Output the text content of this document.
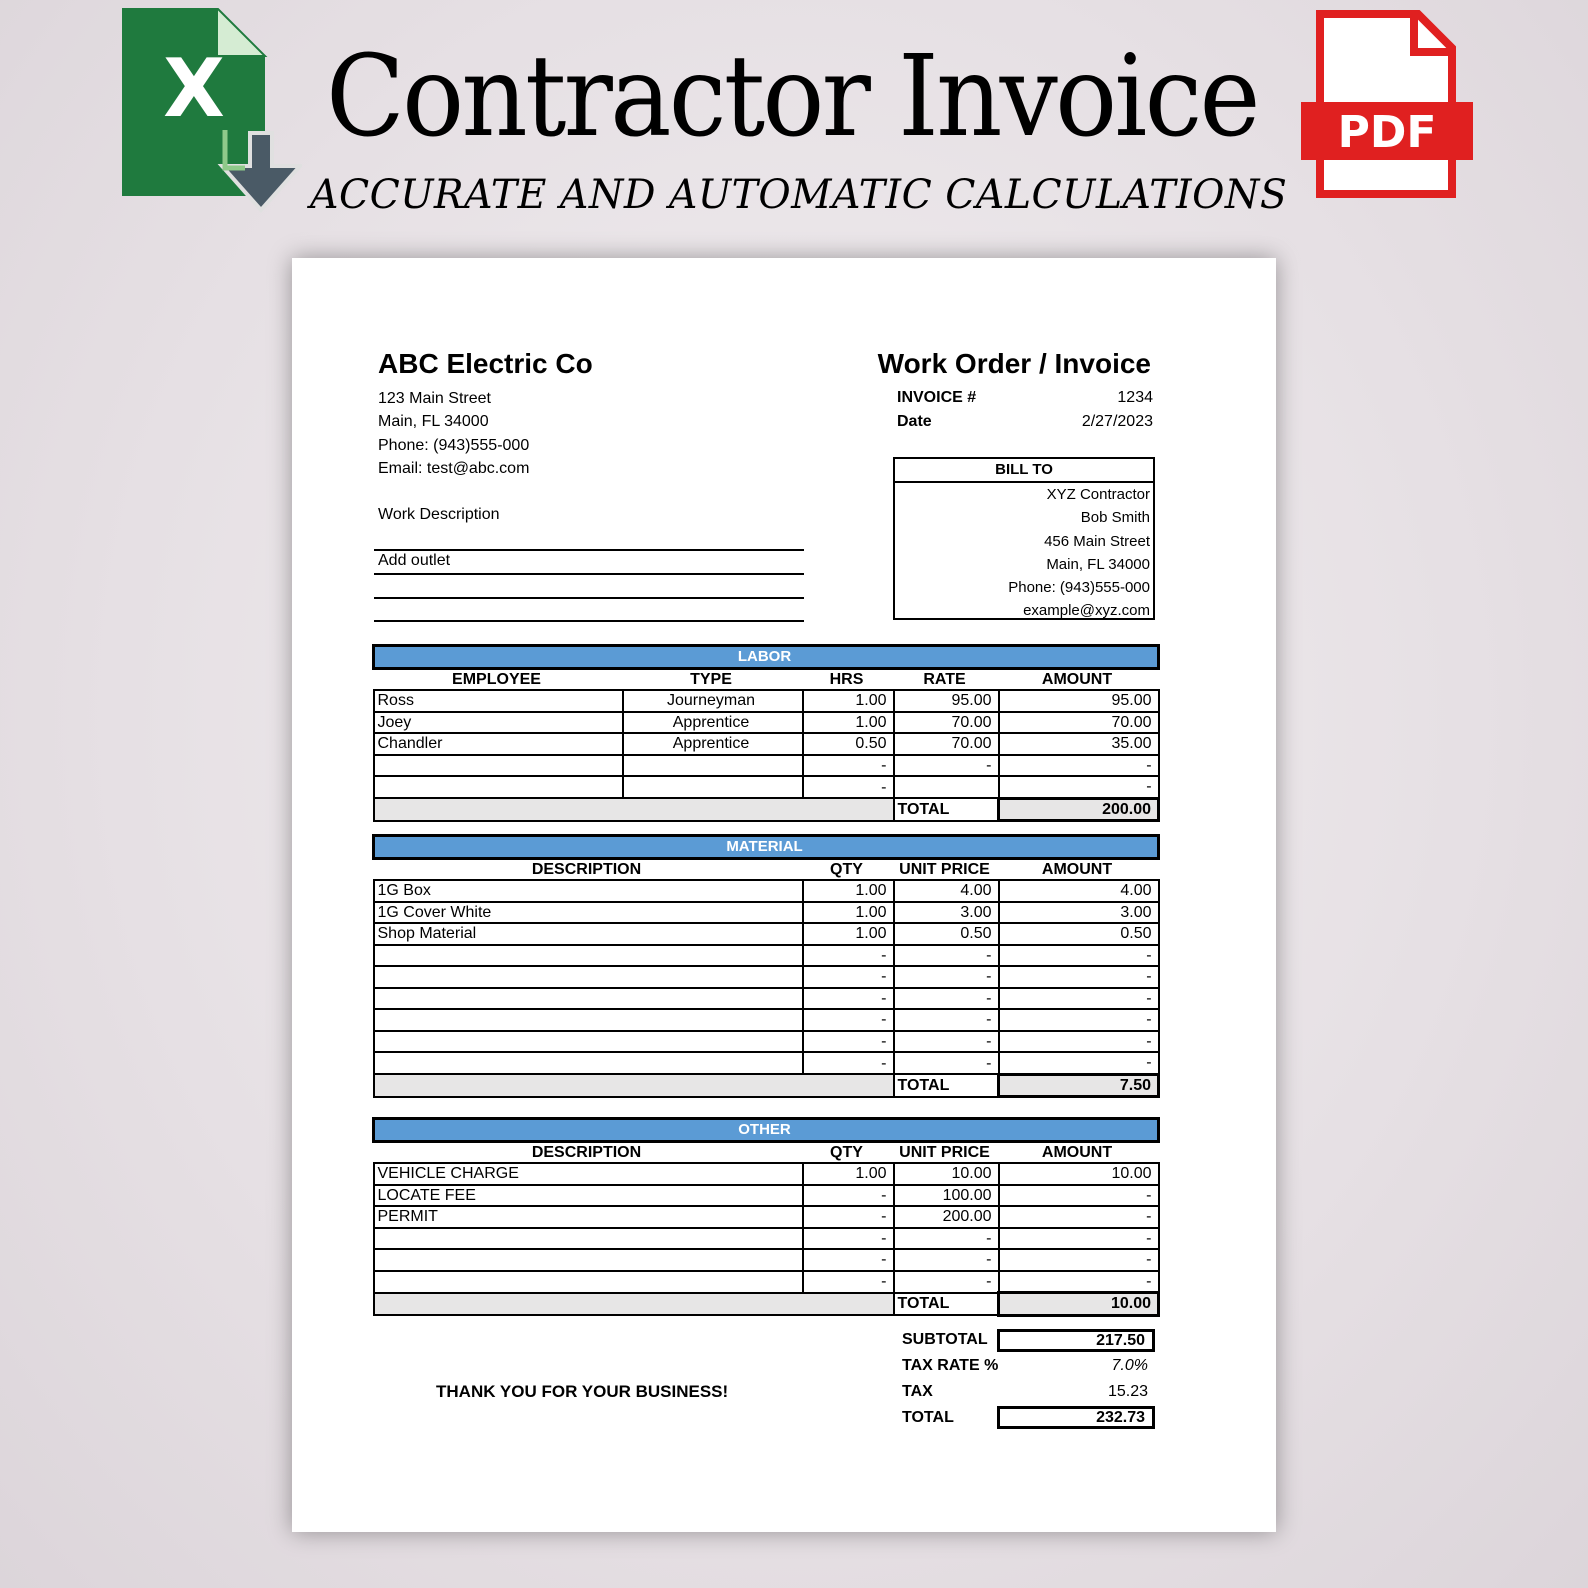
X Contractor Invoice
ACCURATE AND AUTOMATIC CALCULATIONS
PDF
ABC Electric Co
123 Main Street
Main, FL 34000
Phone: (943)555-000
Email: test@abc.com
Work Order / Invoice
INVOICE #	1234
Date	2/27/2023
Work Description
Add outlet
BILL TO
XYZ Contractor
Bob Smith
456 Main Street
Main, FL 34000
Phone: (943)555-000
example@xyz.com
LABOR				
EMPLOYEE	TYPE	HRS	RATE	AMOUNT
Ross	Journeyman	1.00	95.00	95.00
Joey	Apprentice	1.00	70.00	70.00
Chandler	Apprentice	0.50	70.00	35.00
		-	-	-
		-		-
			TOTAL	200.00
MATERIAL			
DESCRIPTION	QTY	UNIT PRICE	AMOUNT
1G Box	1.00	4.00	4.00
1G Cover White	1.00	3.00	3.00
Shop Material	1.00	0.50	0.50
	-	-	-
	-	-	-
	-	-	-
	-	-	-
	-	-	-
	-	-	-
		TOTAL	7.50
OTHER			
DESCRIPTION	QTY	UNIT PRICE	AMOUNT
VEHICLE CHARGE	1.00	10.00	10.00
LOCATE FEE	-	100.00	-
PERMIT	-	200.00	-
	-	-	-
	-	-	-
	-	-	-
		TOTAL	10.00
SUBTOTAL	217.50
TAX RATE %	7.0%
TAX	15.23
TOTAL	232.73
THANK YOU FOR YOUR BUSINESS!
